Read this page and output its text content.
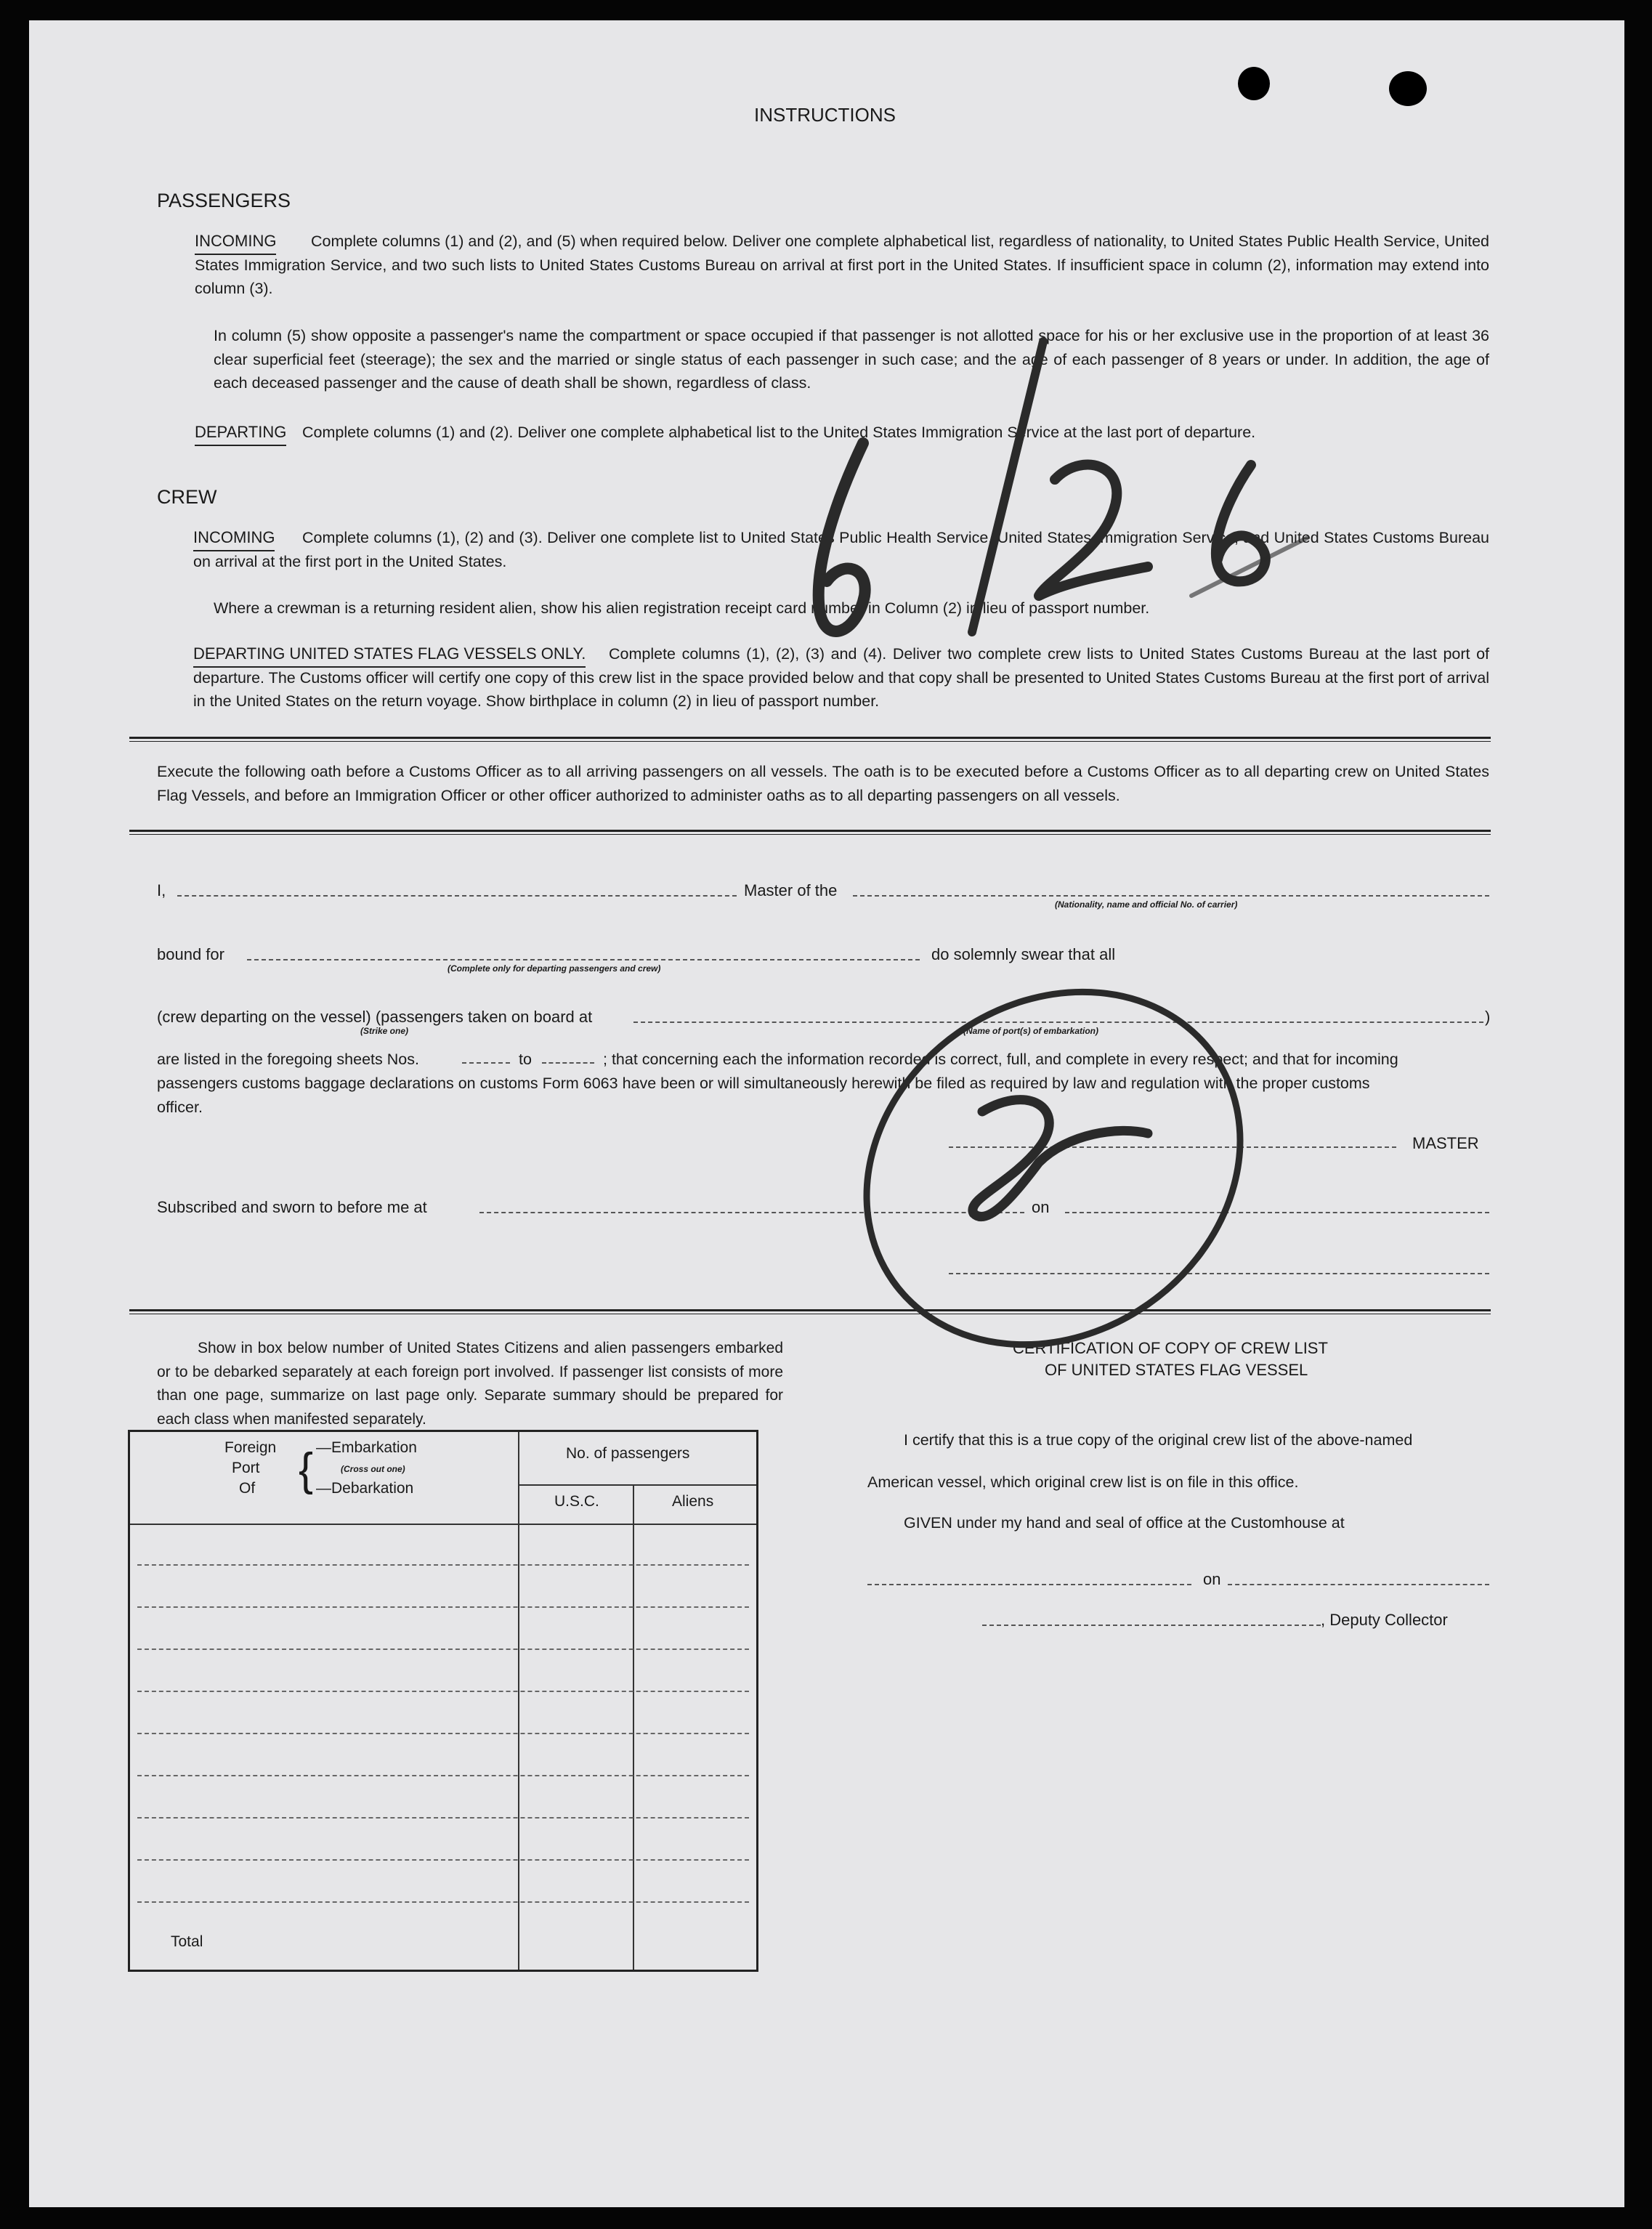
INSTRUCTIONS
PASSENGERS
INCOMING	Complete columns (1) and (2), and (5) when required below. Deliver one complete alphabetical list, regardless of nationality, to United States Public Health Service, United States Immigration Service, and two such lists to United States Customs Bureau on arrival at first port in the United States. If insufficient space in column (2), information may extend into column (3).
In column (5) show opposite a passenger's name the compartment or space occupied if that passenger is not allotted space for his or her exclusive use in the proportion of at least 36 clear superficial feet (steerage); the sex and the married or single status of each passenger in such case; and the age of each passenger of 8 years or under. In addition, the age of each deceased passenger and the cause of death shall be shown, regardless of class.
DEPARTING Complete columns (1) and (2). Deliver one complete alphabetical list to the United States Immigration Service at the last port of departure.
CREW
INCOMING	Complete columns (1), (2) and (3). Deliver one complete list to United States Public Health Service, United States Immigration Service, and United States Customs Bureau on arrival at the first port in the United States.
Where a crewman is a returning resident alien, show his alien registration receipt card number in Column (2) in lieu of passport number.
DEPARTING UNITED STATES FLAG VESSELS ONLY.	Complete columns (1), (2), (3) and (4). Deliver two complete crew lists to United States Customs Bureau at the last port of departure. The Customs officer will certify one copy of this crew list in the space provided below and that copy shall be presented to United States Customs Bureau at the first port of arrival in the United States on the return voyage. Show birthplace in column (2) in lieu of passport number.
Execute the following oath before a Customs Officer as to all arriving passengers on all vessels. The oath is to be executed before a Customs Officer as to all departing crew on United States Flag Vessels, and before an Immigration Officer or other officer authorized to administer oaths as to all departing passengers on all vessels.
I,	Master of the
(Nationality, name and official No. of carrier)
bound for
(Complete only for departing passengers and crew)
do solemnly swear that all
(crew departing on the vessel) (passengers taken on board at	)
(Strike one)	(Name of port(s) of embarkation)
are listed in the foregoing sheets Nos.	to	; that concerning each the information recorded is correct, full, and complete in every respect; and that for incoming
passengers customs baggage declarations on customs Form 6063 have been or will simultaneously herewith be filed as required by law and regulation with the proper customs
officer.
MASTER
Subscribed and sworn to before me at	on
Show in box below number of United States Citizens and alien passengers embarked or to be debarked separately at each foreign port involved. If passenger list consists of more than one page, summarize on last page only. Separate summary should be prepared for each class when manifested separately.
Foreign
Port
Of { —Embarkation
(Cross out one)
—Debarkation
No. of passengers
U.S.C.	Aliens
Total
CERTIFICATION OF COPY OF CREW LIST
OF UNITED STATES FLAG VESSEL
I certify that this is a true copy of the original crew list of the above-named
American vessel, which original crew list is on file in this office.
GIVEN under my hand and seal of office at the Customhouse at
on
, Deputy Collector
